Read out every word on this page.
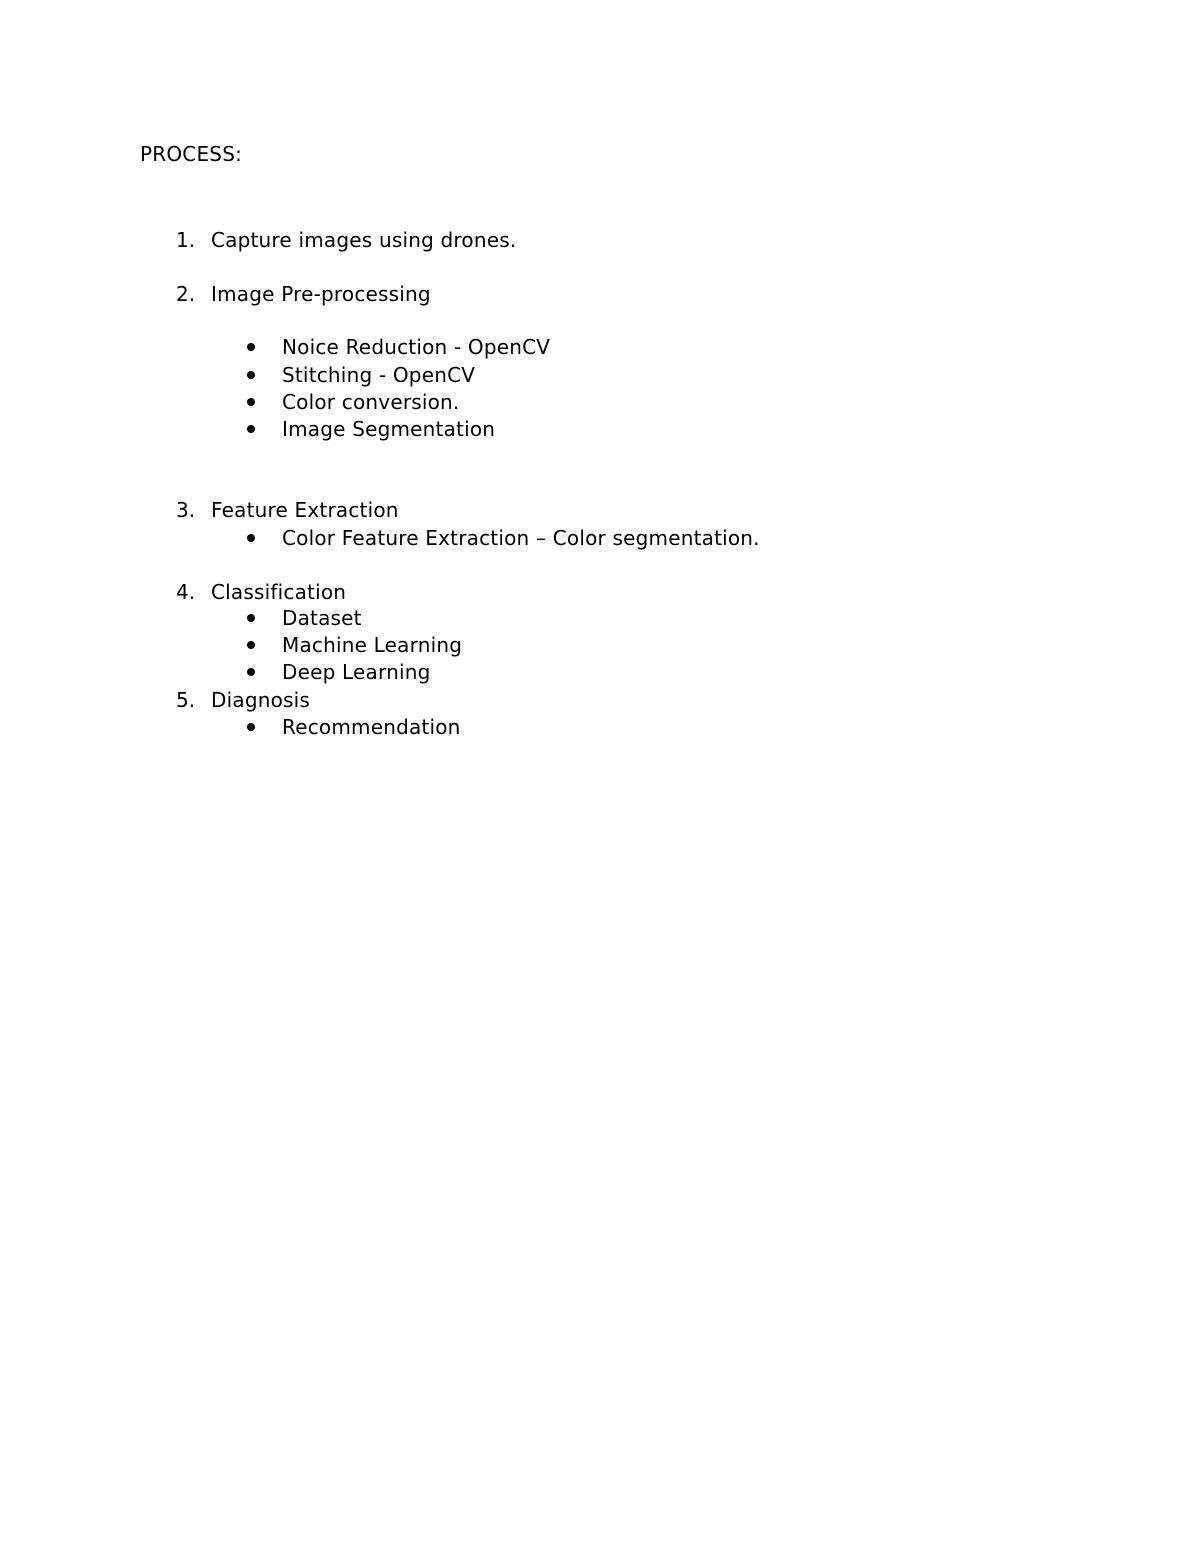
PROCESS:
1. Capture images using drones.
2. Image Pre-processing
Noice Reduction - OpenCV
Stitching - OpenCV
Color conversion.
Image Segmentation
3. Feature Extraction
Color Feature Extraction – Color segmentation.
4. Classification
Dataset
Machine Learning
Deep Learning
5. Diagnosis
Recommendation
